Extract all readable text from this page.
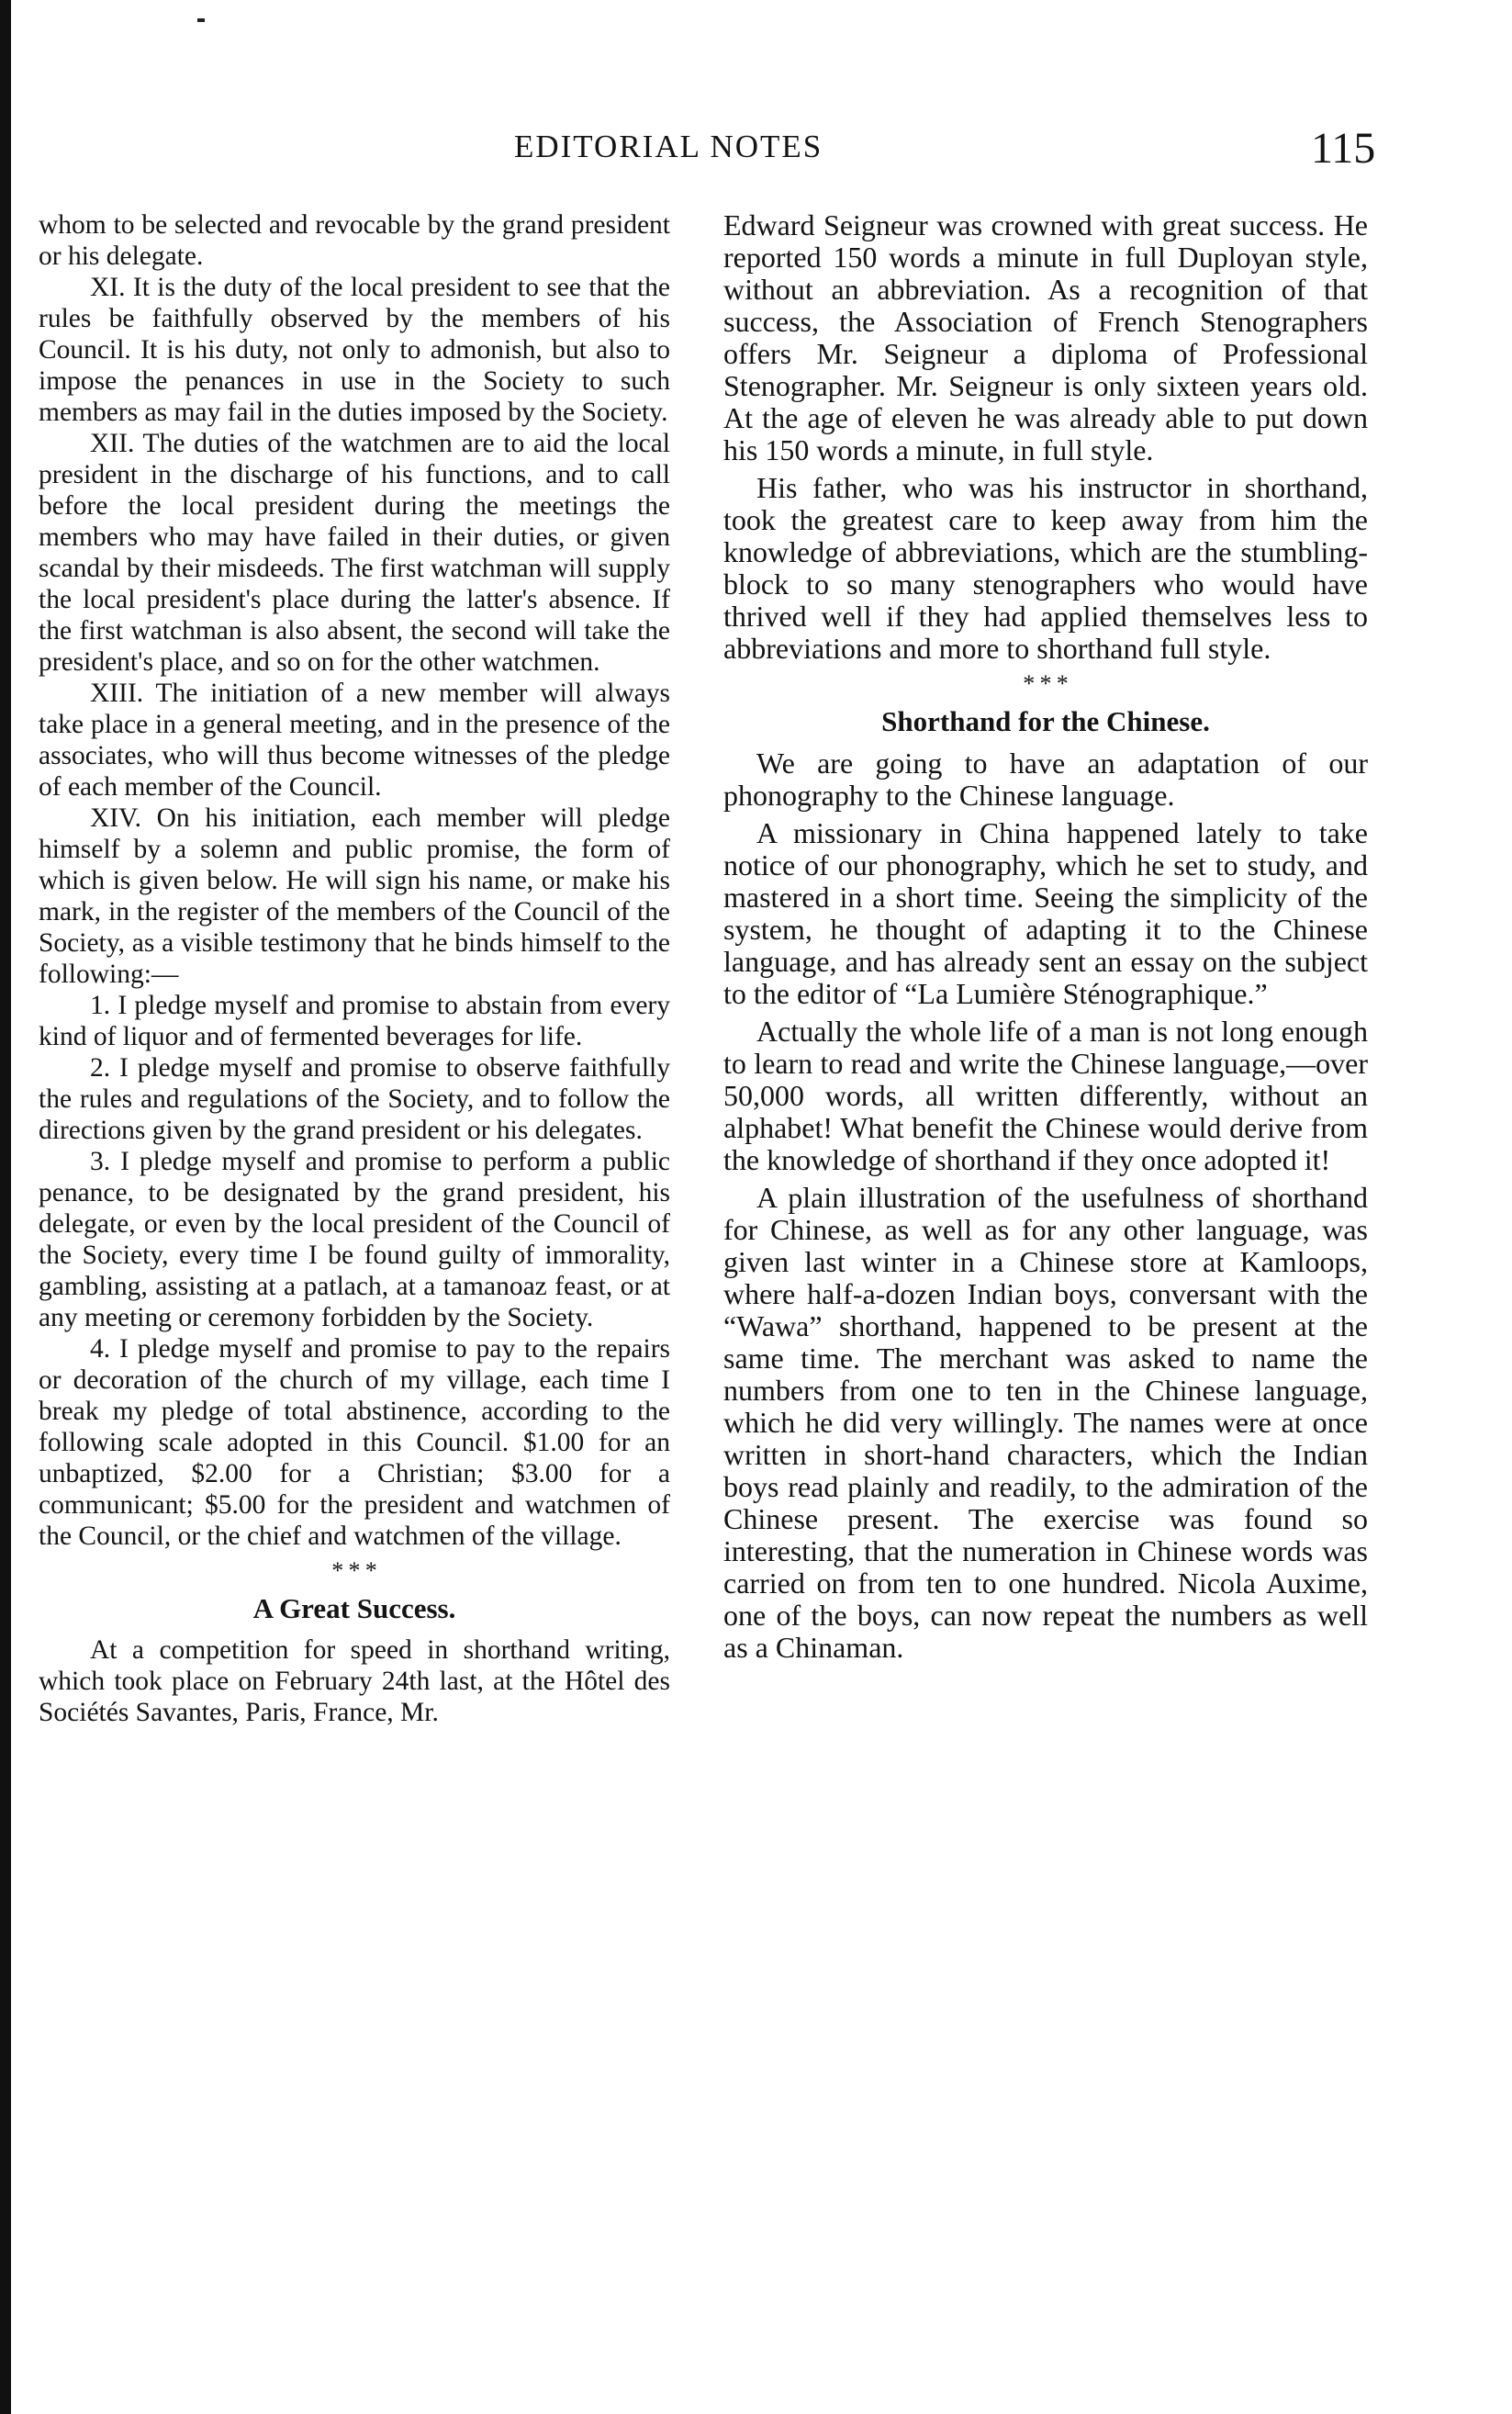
EDITORIAL NOTES	115

whom to be selected and revocable by the grand president or his delegate.

XI. It is the duty of the local president to see that the rules be faithfully observed by the members of his Council. It is his duty, not only to admonish, but also to impose the penances in use in the Society to such members as may fail in the duties imposed by the Society.

XII. The duties of the watchmen are to aid the local president in the discharge of his functions, and to call before the local president during the meetings the members who may have failed in their duties, or given scandal by their misdeeds. The first watchman will supply the local president's place during the latter's absence. If the first watchman is also absent, the second will take the president's place, and so on for the other watchmen.

XIII. The initiation of a new member will always take place in a general meeting, and in the presence of the associates, who will thus become witnesses of the pledge of each member of the Council.

XIV. On his initiation, each member will pledge himself by a solemn and public promise, the form of which is given below. He will sign his name, or make his mark, in the register of the members of the Council of the Society, as a visible testimony that he binds himself to the following:—

1. I pledge myself and promise to abstain from every kind of liquor and of fermented beverages for life.

2. I pledge myself and promise to observe faithfully the rules and regulations of the Society, and to follow the directions given by the grand president or his delegates.

3. I pledge myself and promise to perform a public penance, to be designated by the grand president, his delegate, or even by the local president of the Council of the Society, every time I be found guilty of immorality, gambling, assisting at a patlach, at a tamanoaz feast, or at any meeting or ceremony forbidden by the Society.

4. I pledge myself and promise to pay to the repairs or decoration of the church of my village, each time I break my pledge of total abstinence, according to the following scale adopted in this Council. $1.00 for an unbaptized, $2.00 for a Christian; $3.00 for a communicant; $5.00 for the president and watchmen of the Council, or the chief and watchmen of the village.

* * *
A Great Success.

At a competition for speed in shorthand writing, which took place on February 24th last, at the Hôtel des Sociétés Savantes, Paris, France, Mr.

Edward Seigneur was crowned with great success. He reported 150 words a minute in full Duployan style, without an abbreviation. As a recognition of that success, the Association of French Stenographers offers Mr. Seigneur a diploma of Professional Stenographer. Mr. Seigneur is only sixteen years old. At the age of eleven he was already able to put down his 150 words a minute, in full style.

His father, who was his instructor in shorthand, took the greatest care to keep away from him the knowledge of abbreviations, which are the stumbling-block to so many stenographers who would have thrived well if they had applied themselves less to abbreviations and more to shorthand full style.

* * *
Shorthand for the Chinese.

We are going to have an adaptation of our phonography to the Chinese language.

A missionary in China happened lately to take notice of our phonography, which he set to study, and mastered in a short time. Seeing the simplicity of the system, he thought of adapting it to the Chinese language, and has already sent an essay on the subject to the editor of “La Lumière Sténographique.”

Actually the whole life of a man is not long enough to learn to read and write the Chinese language,—over 50,000 words, all written differently, without an alphabet! What benefit the Chinese would derive from the knowledge of shorthand if they once adopted it!

A plain illustration of the usefulness of shorthand for Chinese, as well as for any other language, was given last winter in a Chinese store at Kamloops, where half-a-dozen Indian boys, conversant with the “Wawa” shorthand, happened to be present at the same time. The merchant was asked to name the numbers from one to ten in the Chinese language, which he did very willingly. The names were at once written in short-hand characters, which the Indian boys read plainly and readily, to the admiration of the Chinese present. The exercise was found so interesting, that the numeration in Chinese words was carried on from ten to one hundred. Nicola Auxime, one of the boys, can now repeat the numbers as well as a Chinaman.
